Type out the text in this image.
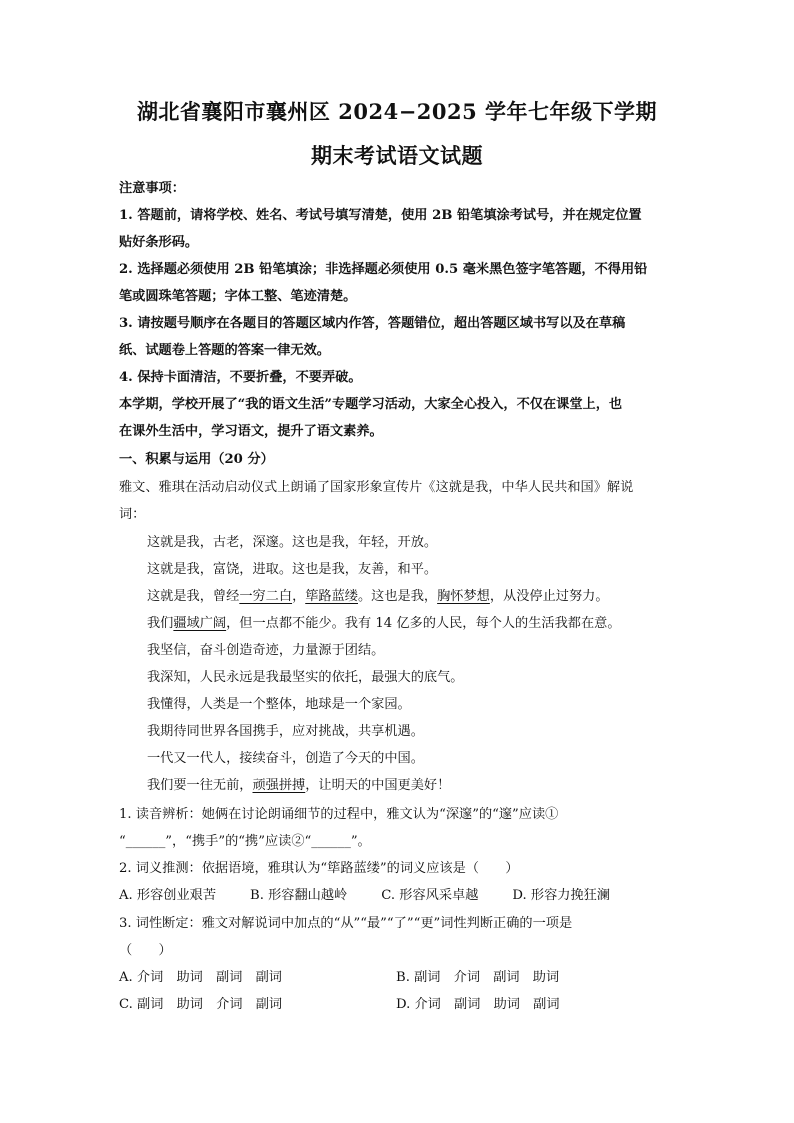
湖北省襄阳市襄州区 2024−2025 学年七年级下学期
期末考试语文试题
注意事项：
1. 答题前，请将学校、姓名、考试号填写清楚，使用 2B 铅笔填涂考试号，并在规定位置
贴好条形码。
2. 选择题必须使用 2B 铅笔填涂；非选择题必须使用 0.5 毫米黑色签字笔答题，不得用铅
笔或圆珠笔答题；字体工整、笔迹清楚。
3. 请按题号顺序在各题目的答题区域内作答，答题错位，超出答题区域书写以及在草稿
纸、试题卷上答题的答案一律无效。
4. 保持卡面清洁，不要折叠，不要弄破。
本学期，学校开展了“我的语文生活”专题学习活动，大家全心投入，不仅在课堂上，也
在课外生活中，学习语文，提升了语文素养。
一、积累与运用（20 分）
雅文、雅琪在活动启动仪式上朗诵了国家形象宣传片《这就是我，中华人民共和国》解说
词：
这就是我，古老，深邃。这也是我，年轻，开放。
这就是我，富饶，进取。这也是我，友善，和平。
这就是我，曾经一穷二白，筚路蓝缕。这也是我，胸怀梦想，从没停止过努力。
我们疆域广阔，但一点都不能少。我有 14 亿多的人民，每个人的生活我都在意。
我坚信，奋斗创造奇迹，力量源于团结。
我深知，人民永远是我最坚实的依托，最强大的底气。
我懂得，人类是一个整体，地球是一个家园。
我期待同世界各国携手，应对挑战，共享机遇。
一代又一代人，接续奋斗，创造了今天的中国。
我们要一往无前，顽强拼搏，让明天的中国更美好！
1. 读音辨析：她俩在讨论朗诵细节的过程中，雅文认为“深邃”的“邃”应读①
“______”，“携手”的“携”应读②“______”。
2. 词义推测：依据语境，雅琪认为“筚路蓝缕”的词义应该是（　　）
A. 形容创业艰苦	B. 形容翻山越岭	C. 形容风采卓越	D. 形容力挽狂澜
3. 词性断定：雅文对解说词中加点的“从”“最”“了”“更”词性判断正确的一项是
（　　）
A. 介词　助词　副词　副词	B. 副词　介词　副词　助词
C. 副词　助词　介词　副词	D. 介词　副词　助词　副词
